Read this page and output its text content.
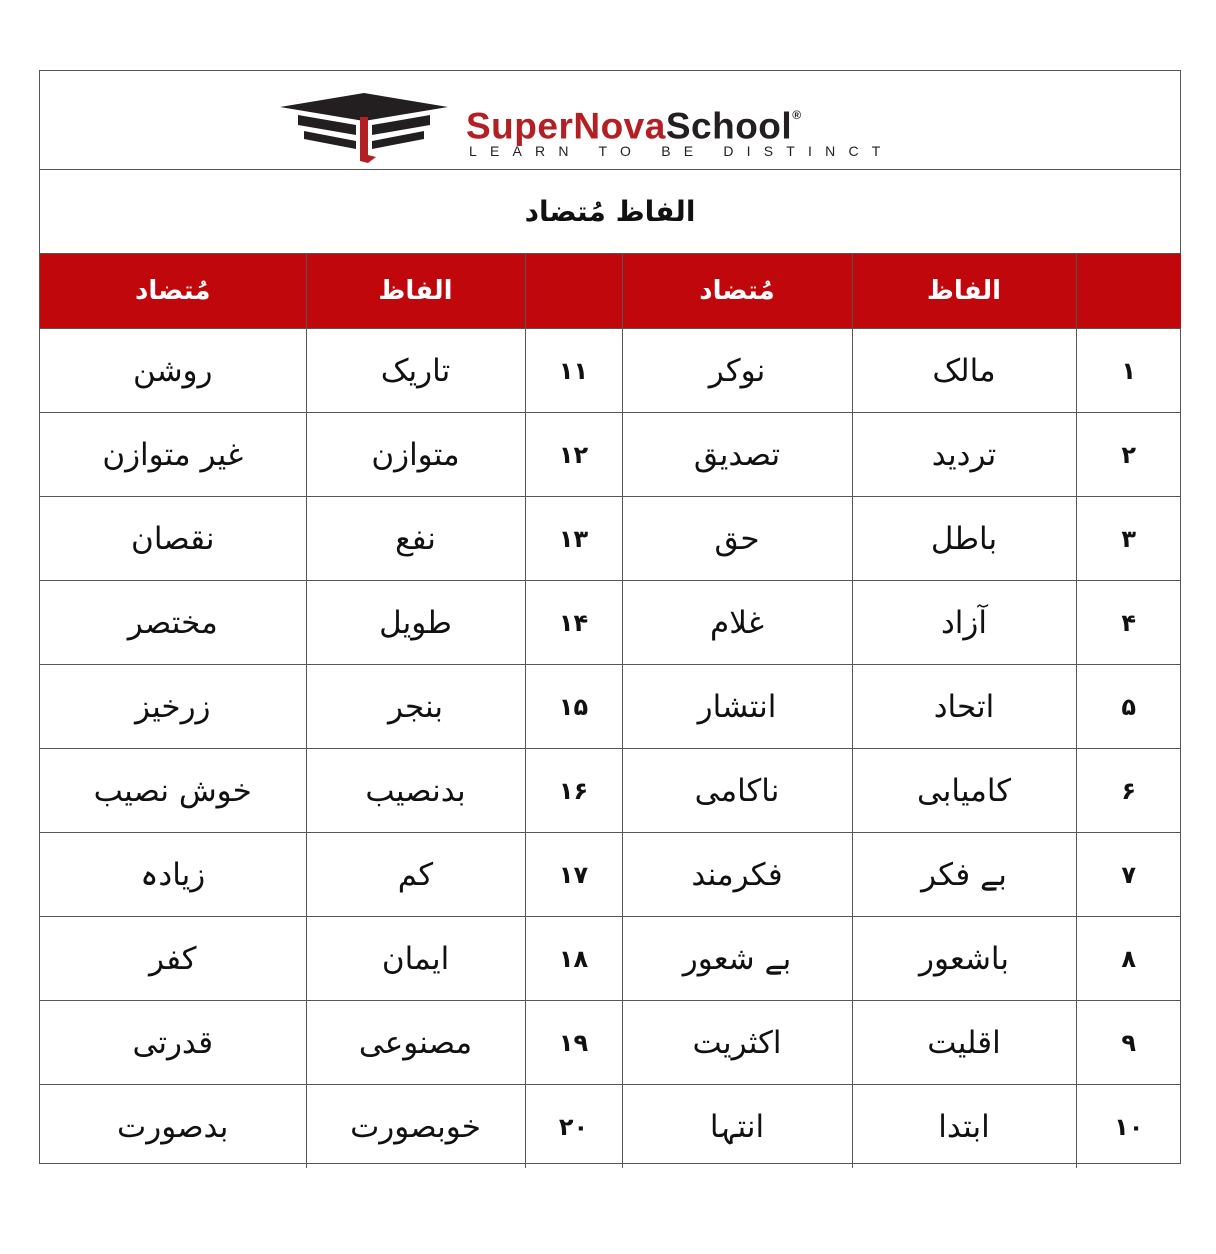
SuperNovaSchool®
LEARN TO BE DISTINCT
الفاظ مُتضاد
	الفاظ	مُتضاد		الفاظ	مُتضاد
۱	مالک	نوکر	۱۱	تاریک	روشن
۲	تردید	تصدیق	۱۲	متوازن	غیر متوازن
۳	باطل	حق	۱۳	نفع	نقصان
۴	آزاد	غلام	۱۴	طویل	مختصر
۵	اتحاد	انتشار	۱۵	بنجر	زرخیز
۶	کامیابی	ناکامی	۱۶	بدنصیب	خوش نصیب
۷	بے فکر	فکرمند	۱۷	کم	زیادہ
۸	باشعور	بے شعور	۱۸	ایمان	کفر
۹	اقلیت	اکثریت	۱۹	مصنوعی	قدرتی
۱۰	ابتدا	انتہا	۲۰	خوبصورت	بدصورت
